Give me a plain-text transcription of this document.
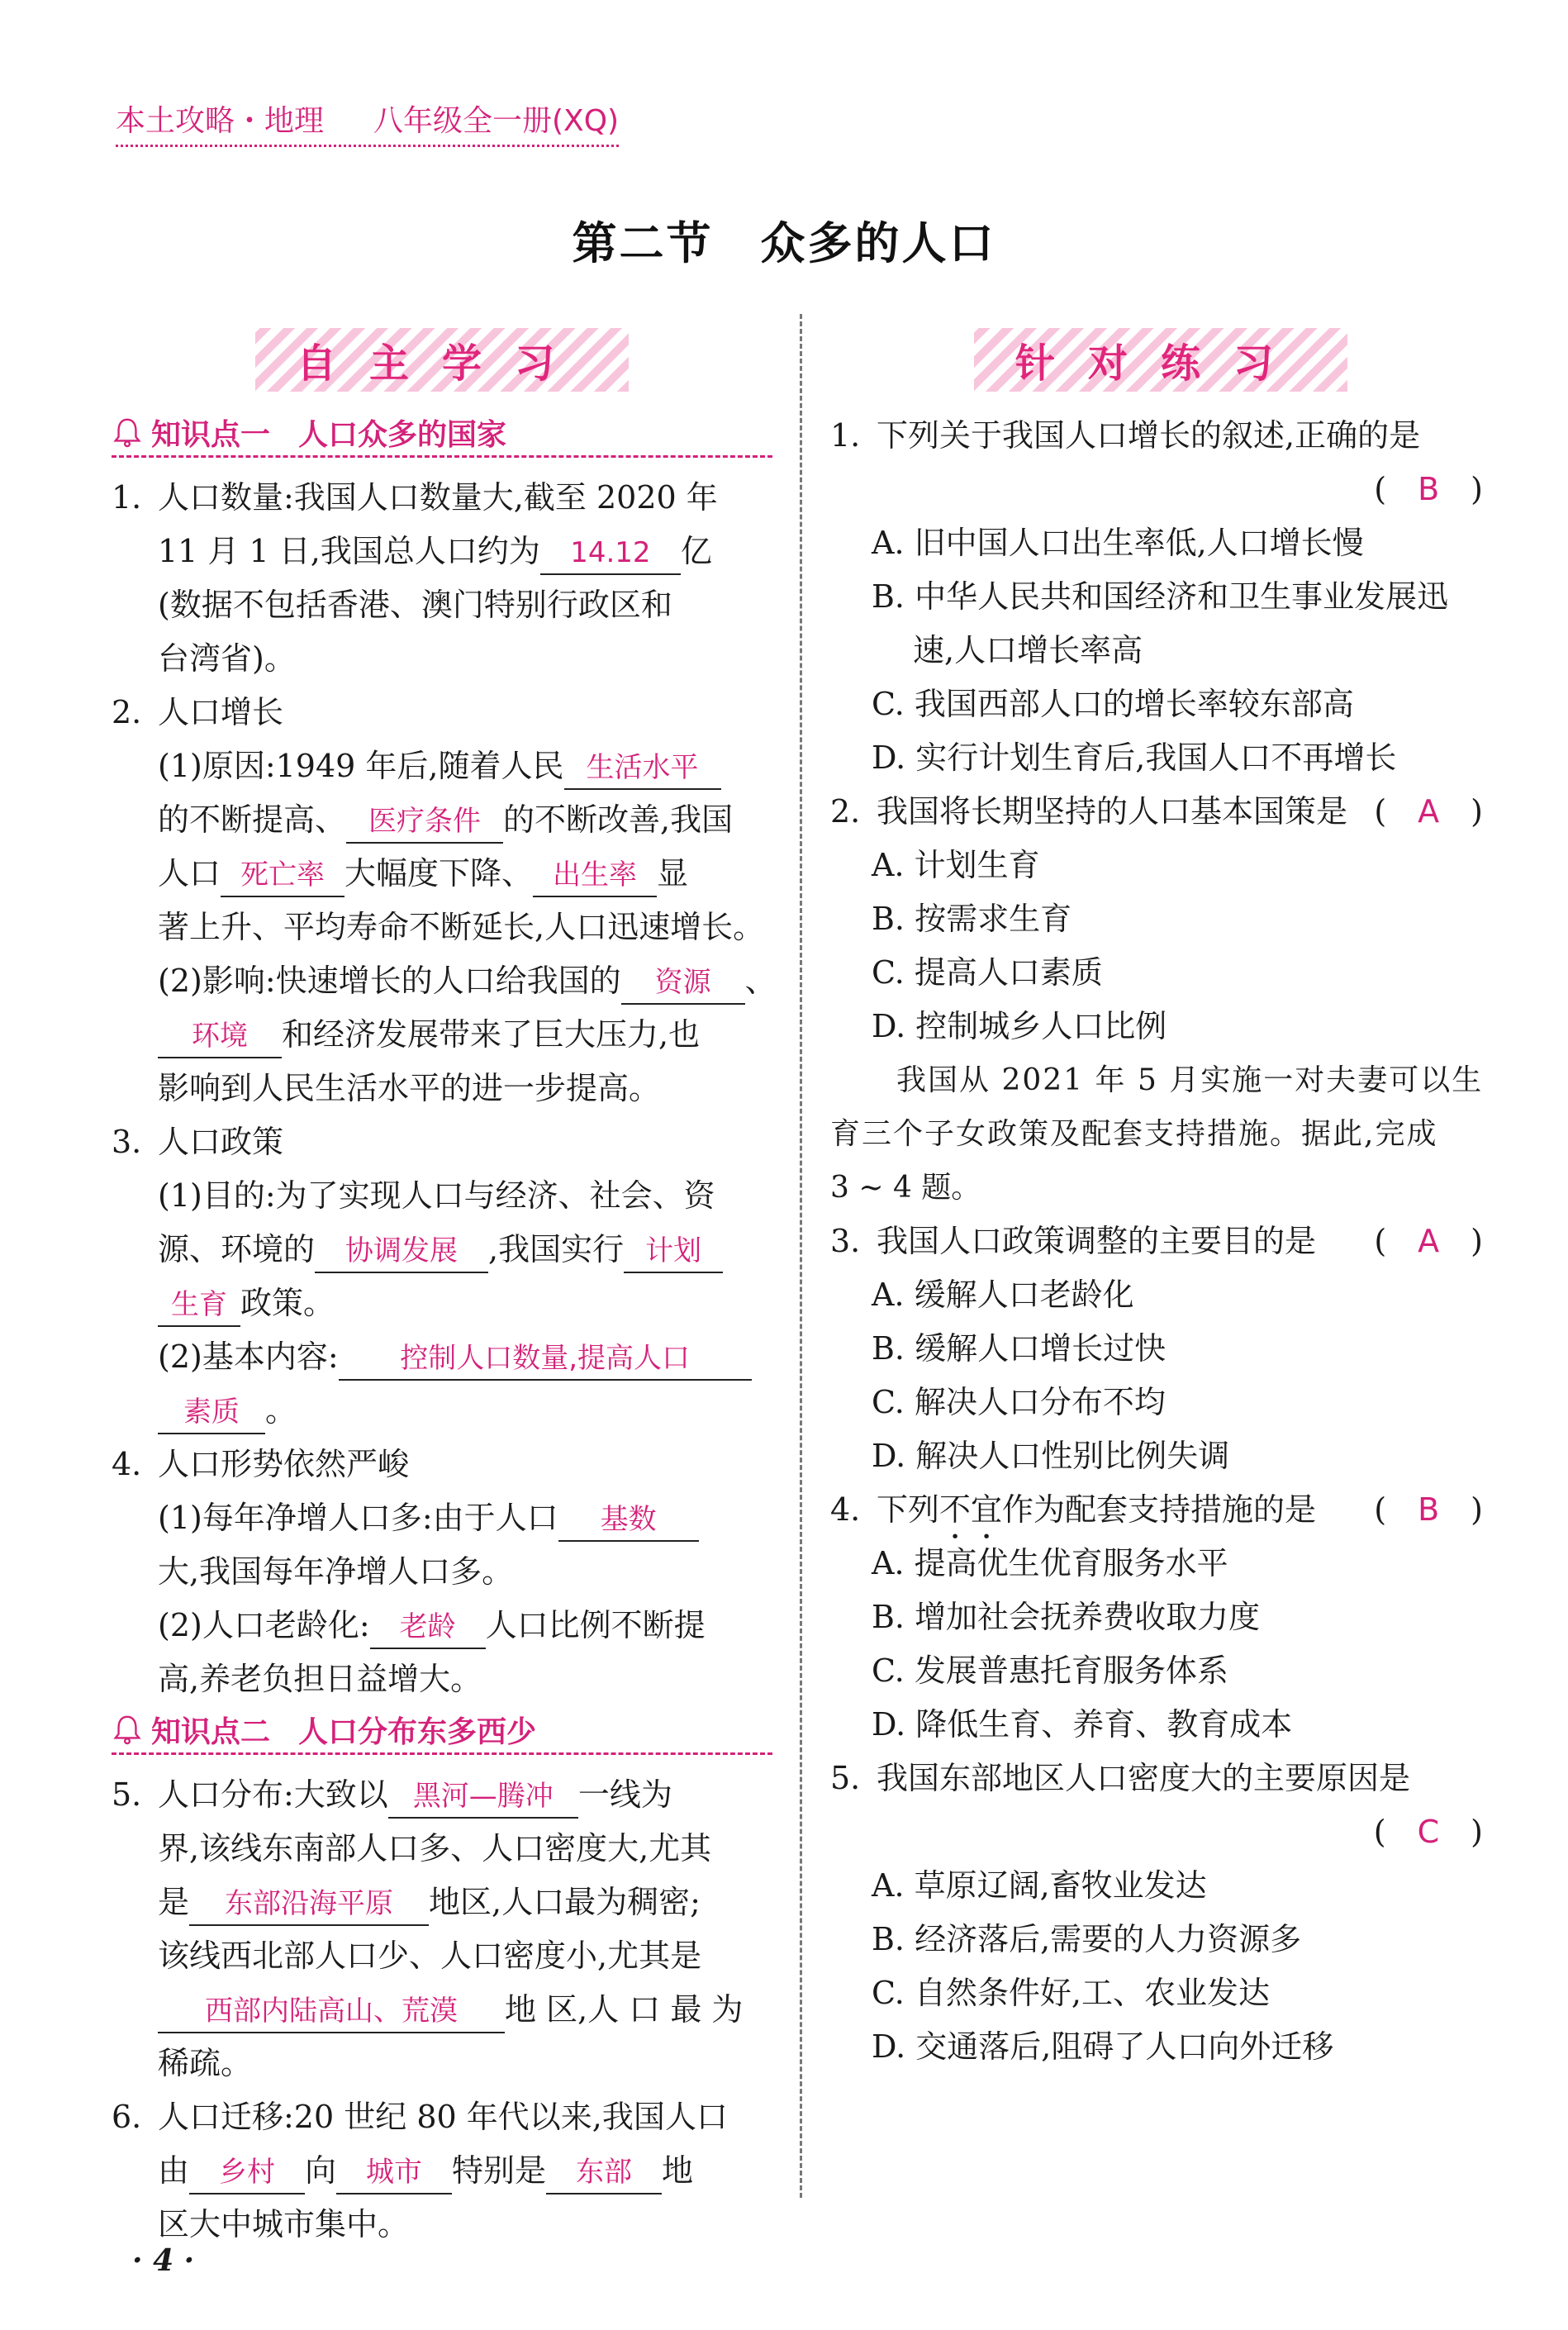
本土攻略・地理 八年级全一册(XQ)
第二节　众多的人口
自主学习
知识点一 人口众多的国家
1. 人口数量:我国人口数量大,截至 2020 年
11 月 1 日,我国总人口约为 14.12 亿
(数据不包括香港、澳门特别行政区和
台湾省)。
2. 人口增长
(1)原因:1949 年后,随着人民 生活水平
的不断提高、 医疗条件 的不断改善,我国
人口 死亡率 大幅度下降、 出生率 显
著上升、平均寿命不断延长,人口迅速增长。
(2)影响:快速增长的人口给我国的 资源 、
环境 和经济发展带来了巨大压力,也
影响到人民生活水平的进一步提高。
3. 人口政策
(1)目的:为了实现人口与经济、社会、资
源、环境的 协调发展 ,我国实行 计划
生育 政策。
(2)基本内容: 控制人口数量,提高人口
素质 。
4. 人口形势依然严峻
(1)每年净增人口多:由于人口 基数
大,我国每年净增人口多。
(2)人口老龄化: 老龄 人口比例不断提
高,养老负担日益增大。
知识点二 人口分布东多西少
5. 人口分布:大致以 黑河—腾冲 一线为
界,该线东南部人口多、人口密度大,尤其
是 东部沿海平原 地区,人口最为稠密;
该线西北部人口少、人口密度小,尤其是
西部内陆高山、荒漠 地 区,人 口 最 为
稀疏。
6. 人口迁移:20 世纪 80 年代以来,我国人口
由 乡村 向 城市 特别是 东部 地
区大中城市集中。
针对练习
1. 下列关于我国人口增长的叙述,正确的是
(　B　)
A. 旧中国人口出生率低,人口增长慢
B. 中华人民共和国经济和卫生事业发展迅
速,人口增长率高
C. 我国西部人口的增长率较东部高
D. 实行计划生育后,我国人口不再增长
2. 我国将长期坚持的人口基本国策是 (　A　)
A. 计划生育
B. 按需求生育
C. 提高人口素质
D. 控制城乡人口比例
我国从 2021 年 5 月实施一对夫妻可以生
育三个子女政策及配套支持措施。据此,完成
3 ~ 4 题。
3. 我国人口政策调整的主要目的是 (　A　)
A. 缓解人口老龄化
B. 缓解人口增长过快
C. 解决人口分布不均
D. 解决人口性别比例失调
4. 下列不宜作为配套支持措施的是 (　B　)
A. 提高优生优育服务水平
B. 增加社会抚养费收取力度
C. 发展普惠托育服务体系
D. 降低生育、养育、教育成本
5. 我国东部地区人口密度大的主要原因是
(　C　)
A. 草原辽阔,畜牧业发达
B. 经济落后,需要的人力资源多
C. 自然条件好,工、农业发达
D. 交通落后,阻碍了人口向外迁移
· 4 ·
